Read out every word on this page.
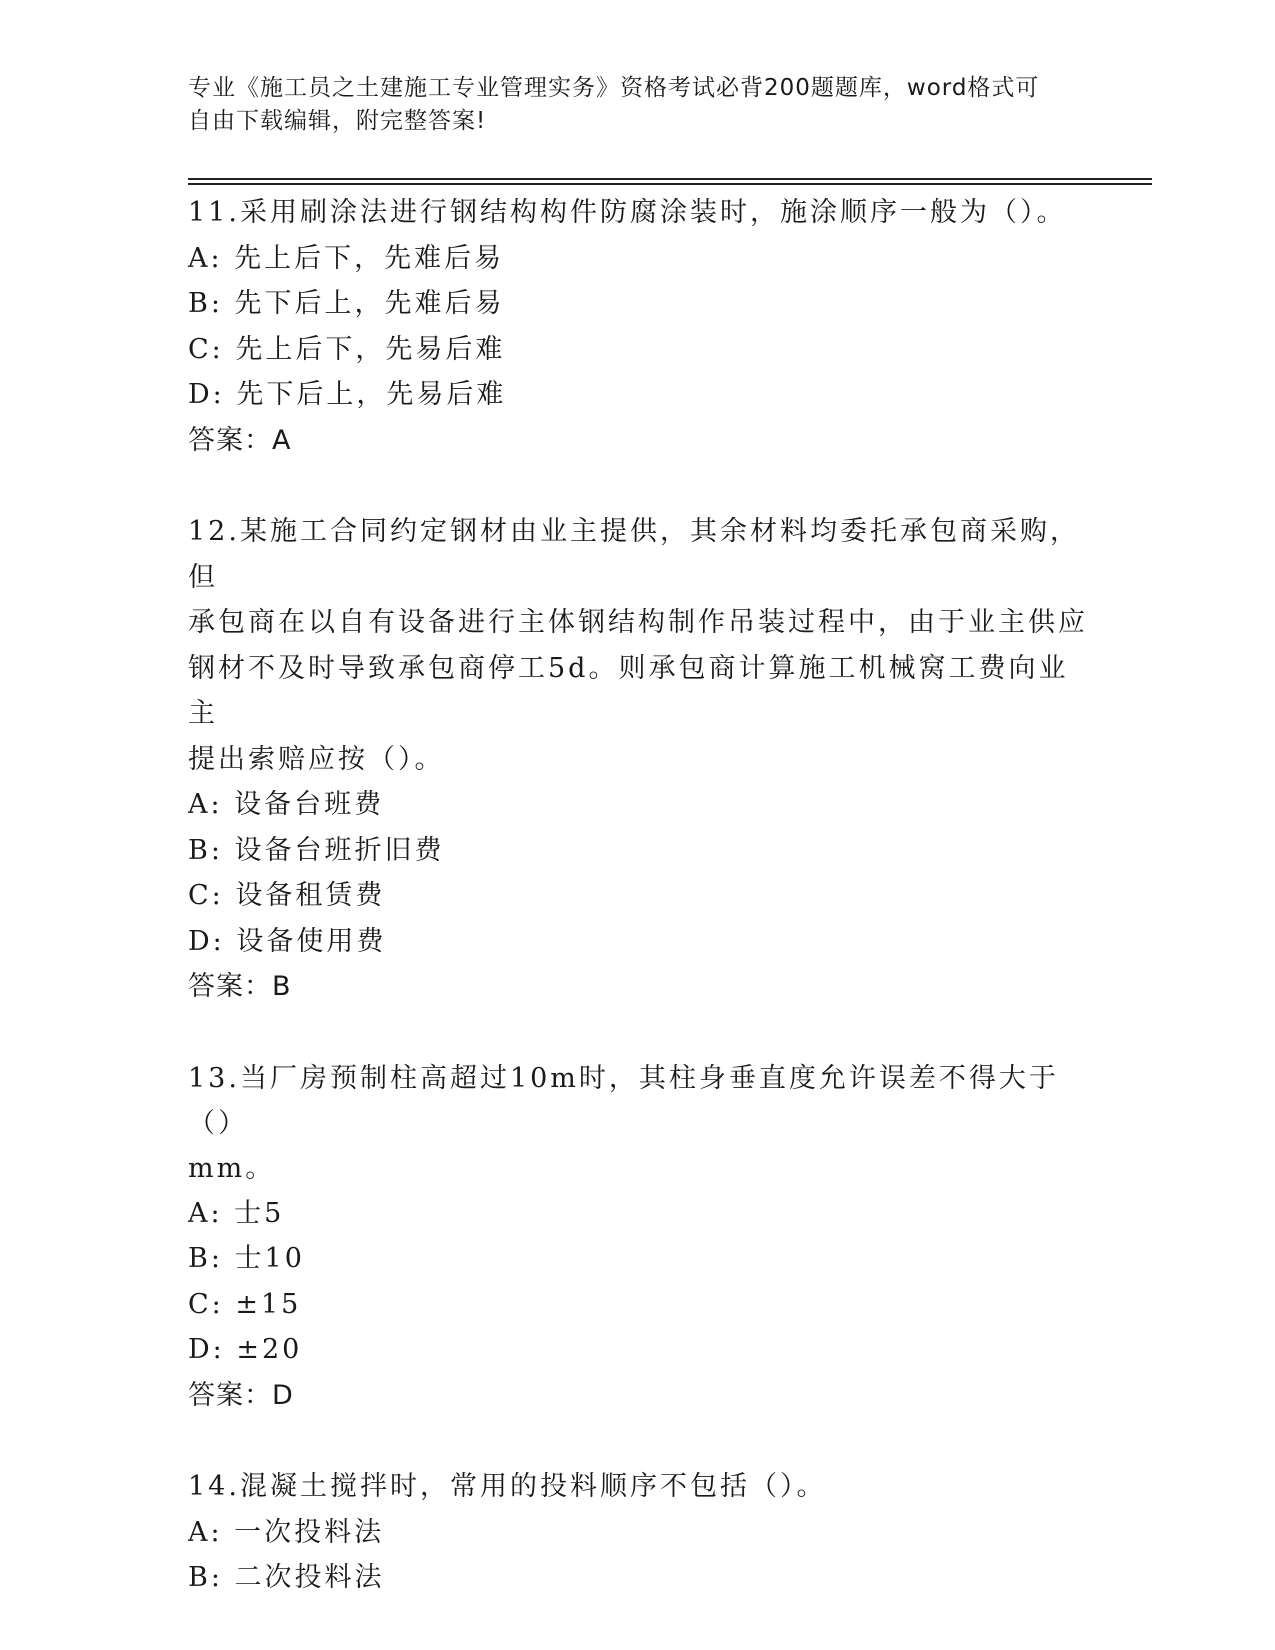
专业《施工员之土建施工专业管理实务》资格考试必背200题题库，word格式可
自由下载编辑，附完整答案!
11.采用刷涂法进行钢结构构件防腐涂装时，施涂顺序一般为（）。
A: 先上后下，先难后易
B: 先下后上，先难后易
C: 先上后下，先易后难
D: 先下后上，先易后难
答案：A
12.某施工合同约定钢材由业主提供，其余材料均委托承包商采购，但
承包商在以自有设备进行主体钢结构制作吊装过程中，由于业主供应
钢材不及时导致承包商停工5d。则承包商计算施工机械窝工费向业主
提出索赔应按（）。
A: 设备台班费
B: 设备台班折旧费
C: 设备租赁费
D: 设备使用费
答案：B
13.当厂房预制柱高超过10m时，其柱身垂直度允许误差不得大于（）
mm。
A: 士5
B: 士10
C: ±15
D: ±20
答案：D
14.混凝土搅拌时，常用的投料顺序不包括（）。
A: 一次投料法
B: 二次投料法
